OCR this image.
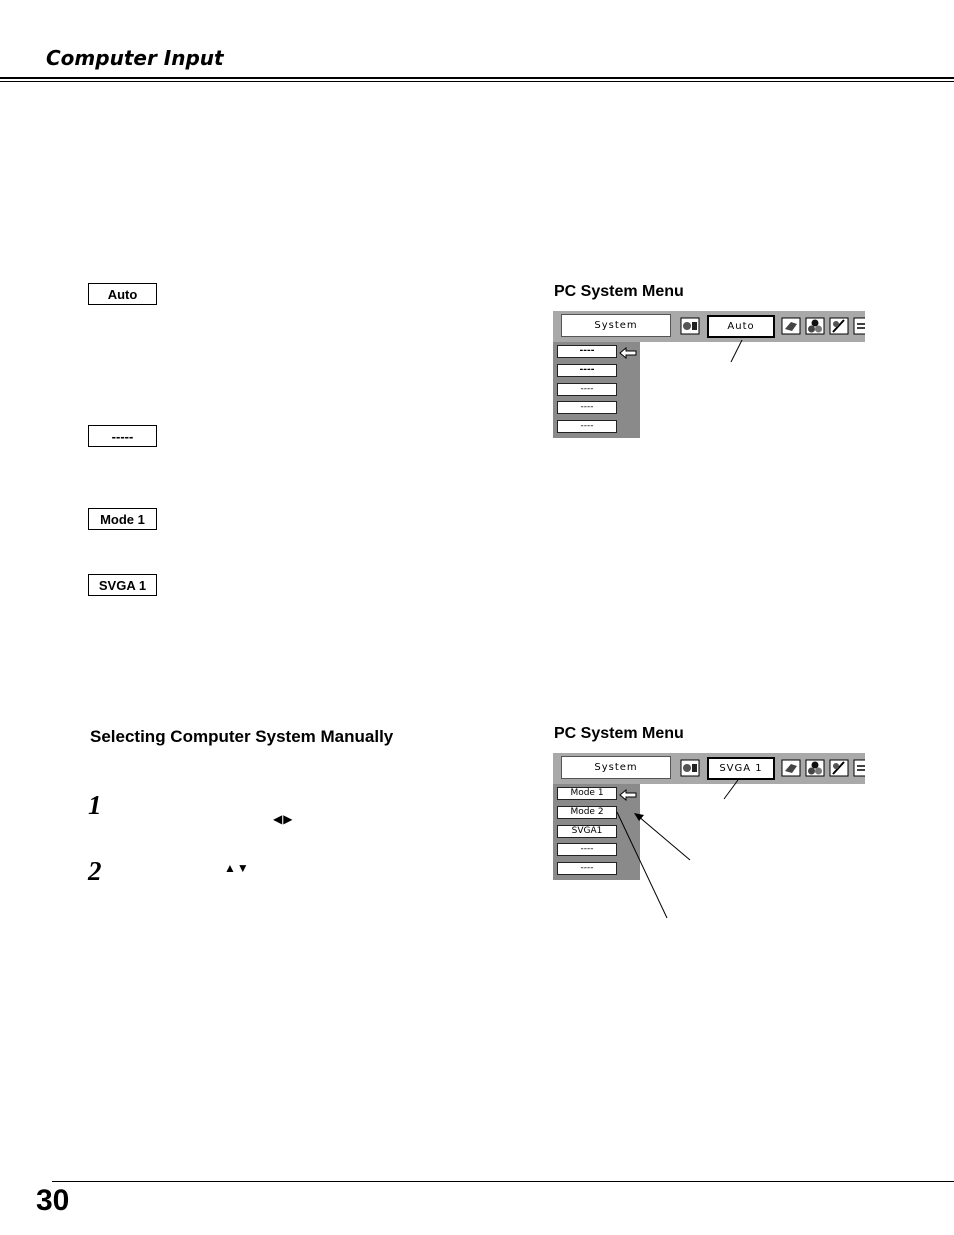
Computer Input
Auto
-----
Mode 1
SVGA 1
PC System Menu
System	Auto
----
----
----
----
----
Selecting Computer System Manually
1	◀▶
2	▲▼
PC System Menu
System	SVGA 1
Mode 1
Mode 2
SVGA1
----
----
30
